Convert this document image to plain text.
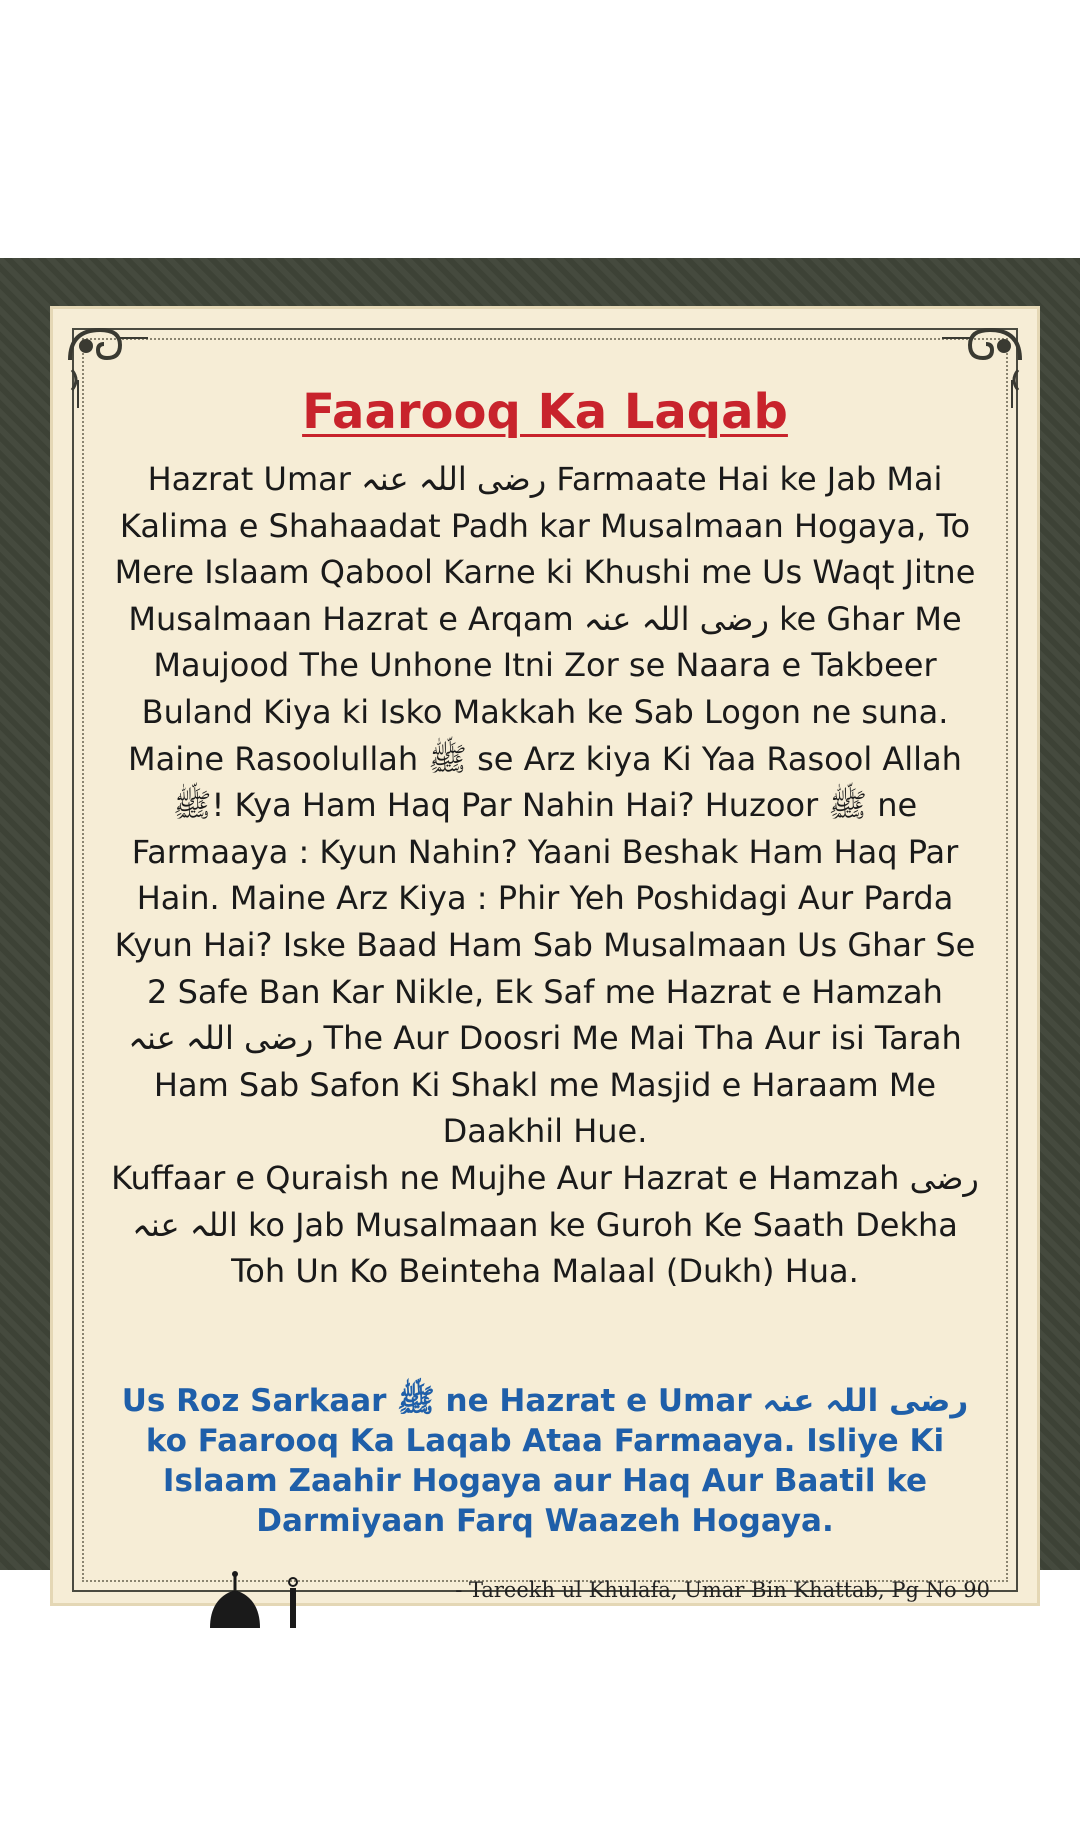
Faarooq Ka Laqab

Hazrat Umar رضی اللہ عنہ Farmaate Hai ke Jab Mai Kalima e Shahaadat Padh kar Musalmaan Hogaya, To Mere Islaam Qabool Karne ki Khushi me Us Waqt Jitne Musalmaan Hazrat e Arqam رضی اللہ عنہ ke Ghar Me Maujood The Unhone Itni Zor se Naara e Takbeer Buland Kiya ki Isko Makkah ke Sab Logon ne suna.

Maine Rasoolullah ﷺ se Arz kiya Ki Yaa Rasool Allah ﷺ! Kya Ham Haq Par Nahin Hai? Huzoor ﷺ ne Farmaaya : Kyun Nahin? Yaani Beshak Ham Haq Par Hain. Maine Arz Kiya : Phir Yeh Poshidagi Aur Parda Kyun Hai? Iske Baad Ham Sab Musalmaan Us Ghar Se 2 Safe Ban Kar Nikle, Ek Saf me Hazrat e Hamzah رضی اللہ عنہ The Aur Doosri Me Mai Tha Aur isi Tarah Ham Sab Safon Ki Shakl me Masjid e Haraam Me Daakhil Hue.

Kuffaar e Quraish ne Mujhe Aur Hazrat e Hamzah رضی اللہ عنہ ko Jab Musalmaan ke Guroh Ke Saath Dekha Toh Un Ko Beinteha Malaal (Dukh) Hua.

Us Roz Sarkaar ﷺ ne Hazrat e Umar رضی اللہ عنہ ko Faarooq Ka Laqab Ataa Farmaaya. Isliye Ki Islaam Zaahir Hogaya aur Haq Aur Baatil ke Darmiyaan Farq Waazeh Hogaya.
- Tareekh ul Khulafa, Umar Bin Khattab, Pg No 90
